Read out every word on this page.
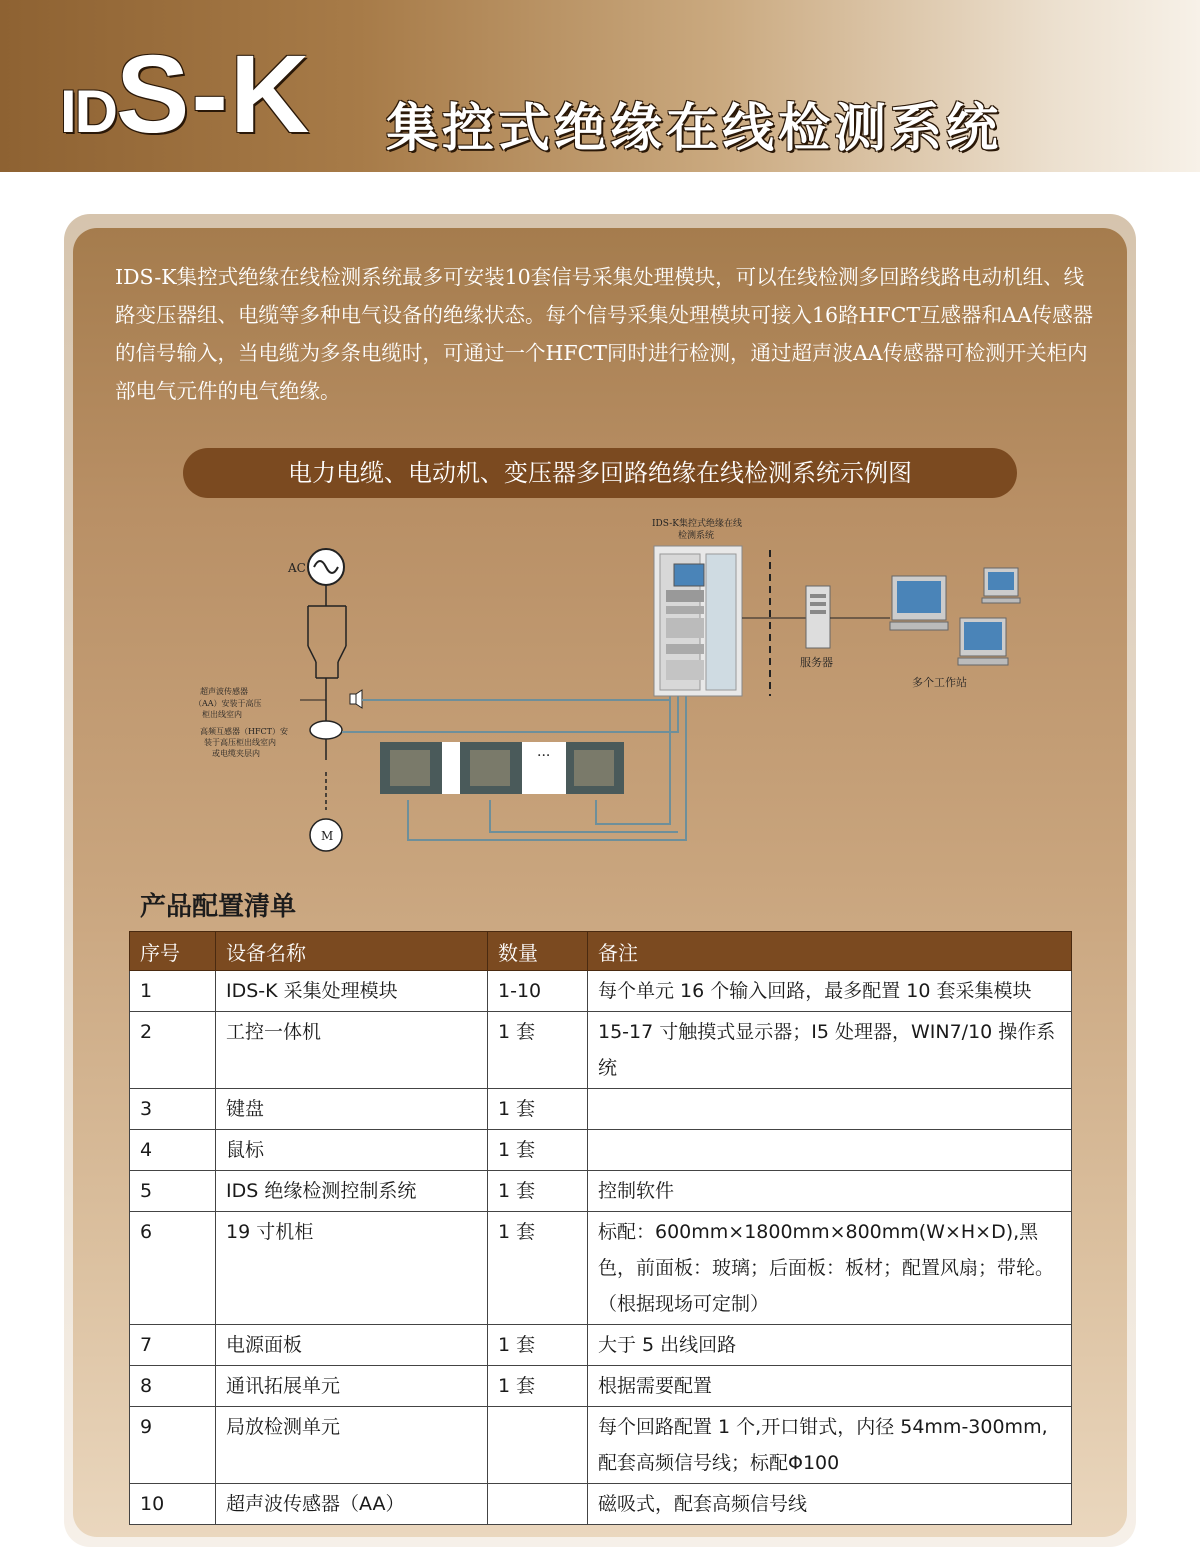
IDS-K 集控式绝缘在线检测系统
IDS-K集控式绝缘在线检测系统最多可安装10套信号采集处理模块，可以在线检测多回路线路电动机组、线路变压器组、电缆等多种电气设备的绝缘状态。每个信号采集处理模块可接入16路HFCT互感器和AA传感器的信号输入，当电缆为多条电缆时，可通过一个HFCT同时进行检测，通过超声波AA传感器可检测开关柜内部电气元件的电气绝缘。
电力电缆、电动机、变压器多回路绝缘在线检测系统示例图
AC
超声波传感器
（AA）安装于高压
柜出线室内
高频互感器（HFCT）安
装于高压柜出线室内
或电缆夹层内
M
IDS-K集控式绝缘在线
检测系统
服务器
多个工作站
···
产品配置清单
序号	设备名称	数量	备注
1	IDS-K 采集处理模块	1-10	每个单元 16 个输入回路，最多配置 10 套采集模块
2	工控一体机	1 套	15-17 寸触摸式显示器；I5 处理器，WIN7/10 操作系统
3	键盘	1 套	
4	鼠标	1 套	
5	IDS 绝缘检测控制系统	1 套	控制软件
6	19 寸机柜	1 套	标配：600mm×1800mm×800mm(W×H×D),黑色，前面板：玻璃；后面板：板材；配置风扇；带轮。（根据现场可定制）
7	电源面板	1 套	大于 5 出线回路
8	通讯拓展单元	1 套	根据需要配置
9	局放检测单元		每个回路配置 1 个,开口钳式，内径 54mm-300mm,配套高频信号线；标配Φ100
10	超声波传感器（AA）		磁吸式，配套高频信号线
